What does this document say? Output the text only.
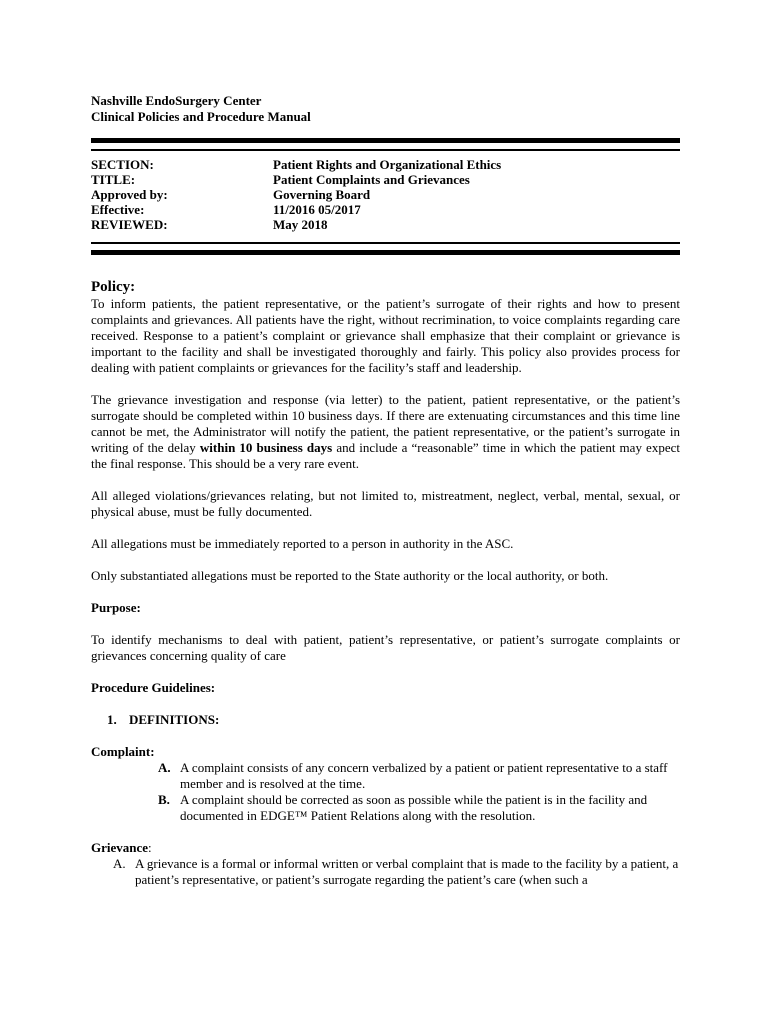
Nashville EndoSurgery Center
Clinical Policies and Procedure Manual
SECTION:	Patient Rights and Organizational Ethics
TITLE:	Patient Complaints and Grievances
Approved by:	Governing Board
Effective:	11/2016 05/2017
REVIEWED:	May 2018
Policy:

To inform patients, the patient representative, or the patient’s surrogate of their rights and how to present complaints and grievances. All patients have the right, without recrimination, to voice complaints regarding care received. Response to a patient’s complaint or grievance shall emphasize that their complaint or grievance is important to the facility and shall be investigated thoroughly and fairly. This policy also provides process for dealing with patient complaints or grievances for the facility’s staff and leadership.

The grievance investigation and response (via letter) to the patient, patient representative, or the patient’s surrogate should be completed within 10 business days. If there are extenuating circumstances and this time line cannot be met, the Administrator will notify the patient, the patient representative, or the patient’s surrogate in writing of the delay within 10 business days and include a “reasonable” time in which the patient may expect the final response. This should be a very rare event.

All alleged violations/grievances relating, but not limited to, mistreatment, neglect, verbal, mental, sexual, or physical abuse, must be fully documented.

All allegations must be immediately reported to a person in authority in the ASC.

Only substantiated allegations must be reported to the State authority or the local authority, or both.

Purpose:

To identify mechanisms to deal with patient, patient’s representative, or patient’s surrogate complaints or grievances concerning quality of care

Procedure Guidelines:
1. DEFINITIONS:
Complaint:
A. A complaint consists of any concern verbalized by a patient or patient representative to a staff member and is resolved at the time.
B. A complaint should be corrected as soon as possible while the patient is in the facility and documented in EDGE™ Patient Relations along with the resolution.
Grievance:
A. A grievance is a formal or informal written or verbal complaint that is made to the facility by a patient, a patient’s representative, or patient’s surrogate regarding the patient’s care (when such a
